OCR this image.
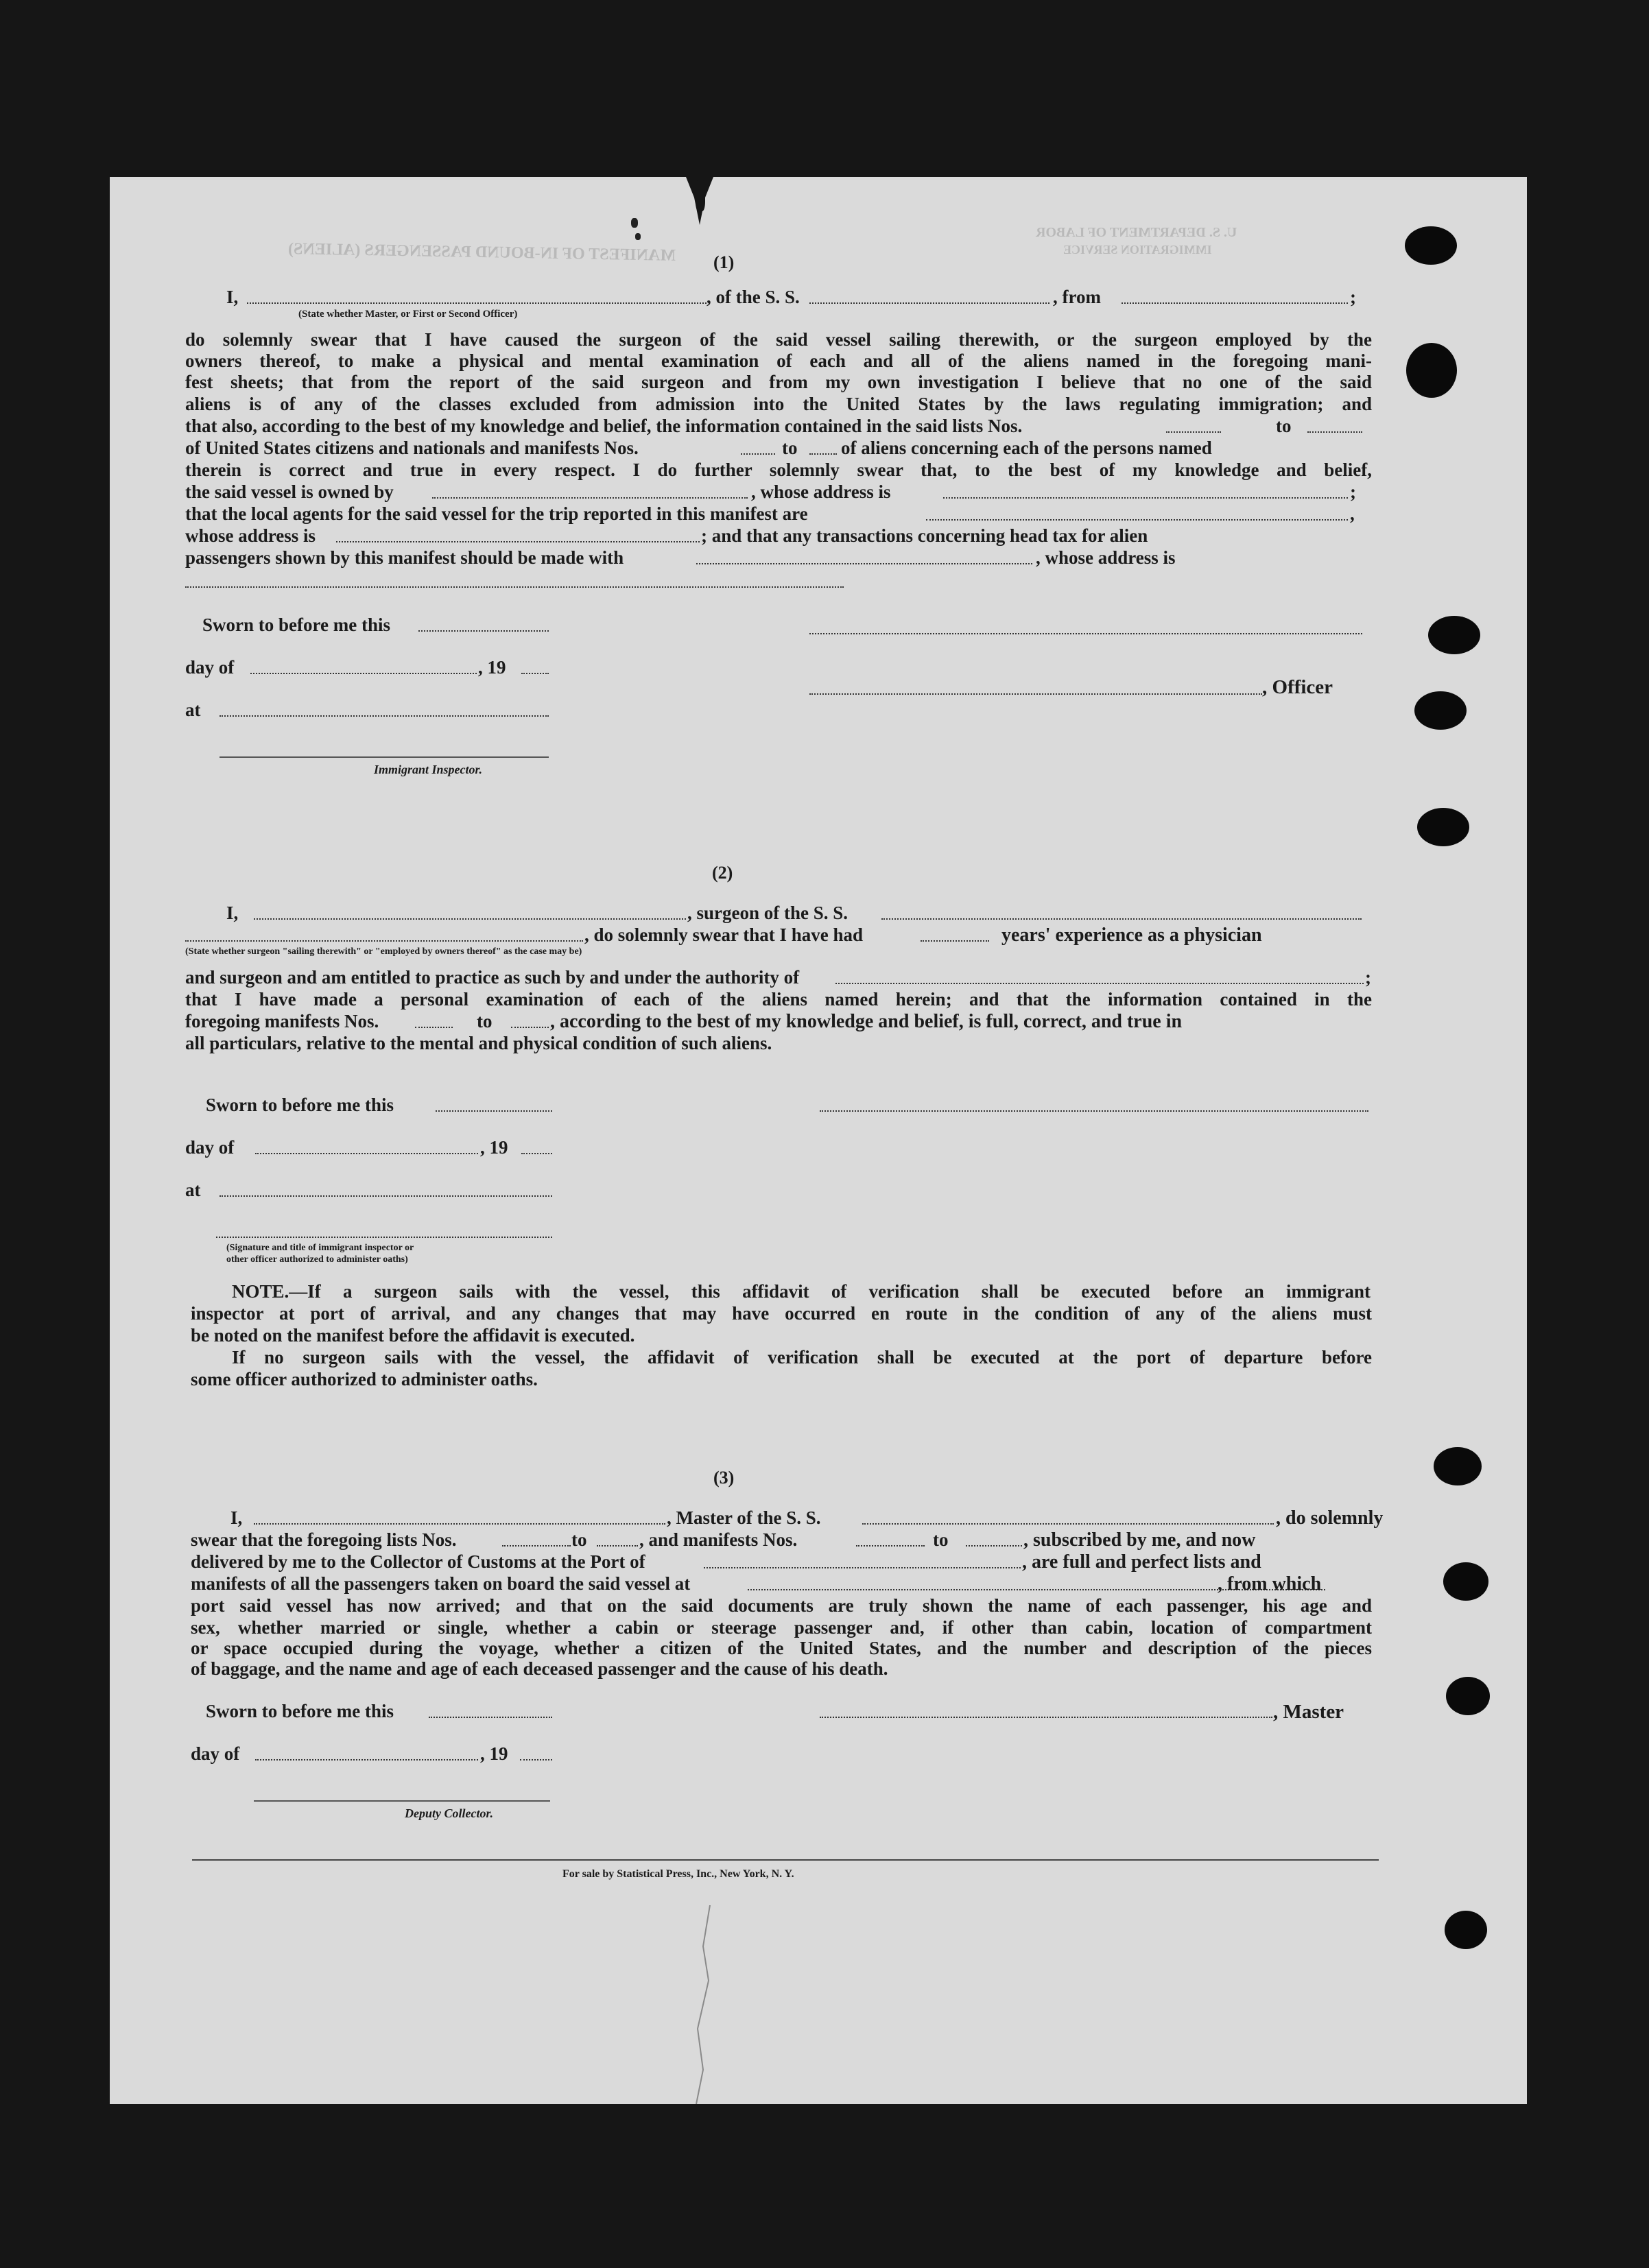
MANIFEST OF IN-BOUND PASSENGERS (ALIENS)
U. S. DEPARTMENT OF LABOR
IMMIGRATION SERVICE
(1)
I,
(State whether Master, or First or Second Officer)
, of the S. S.	, from	;
do solemnly swear that I have caused the surgeon of the said vessel sailing therewith, or the surgeon employed by the
owners thereof, to make a physical and mental examination of each and all of the aliens named in the foregoing mani-
fest sheets; that from the report of the said surgeon and from my own investigation I believe that no one of the said
aliens is of any of the classes excluded from admission into the United States by the laws regulating immigration; and
that also, according to the best of my knowledge and belief, the information contained in the said lists Nos.	to
of United States citizens and nationals and manifests Nos.	to of aliens concerning each of the persons named
therein is correct and true in every respect. I do further solemnly swear that, to the best of my knowledge and belief,
the said vessel is owned by	, whose address is	;
that the local agents for the said vessel for the trip reported in this manifest are	,
whose address is	; and that any transactions concerning head tax for alien
passengers shown by this manifest should be made with	, whose address is
Sworn to before me this
day of	, 19
at
Immigrant Inspector.
, Officer
(2)
I,	, surgeon of the S. S.
(State whether surgeon "sailing therewith" or "employed by owners thereof" as the case may be)
, do solemnly swear that I have had	years' experience as a physician
and surgeon and am entitled to practice as such by and under the authority of	;
that I have made a personal examination of each of the aliens named herein; and that the information contained in the
foregoing manifests Nos.	to	, according to the best of my knowledge and belief, is full, correct, and true in
all particulars, relative to the mental and physical condition of such aliens.
Sworn to before me this
day of	, 19
at
(Signature and title of immigrant inspector or
other officer authorized to administer oaths)
NOTE.—If a surgeon sails with the vessel, this affidavit of verification shall be executed before an immigrant
inspector at port of arrival, and any changes that may have occurred en route in the condition of any of the aliens must
be noted on the manifest before the affidavit is executed.
If no surgeon sails with the vessel, the affidavit of verification shall be executed at the port of departure before
some officer authorized to administer oaths.
(3)
I,	, Master of the S. S.	, do solemnly
swear that the foregoing lists Nos.	to	, and manifests Nos.	to	, subscribed by me, and now
delivered by me to the Collector of Customs at the Port of	, are full and perfect lists and
manifests of all the passengers taken on board the said vessel at	, from which
port said vessel has now arrived; and that on the said documents are truly shown the name of each passenger, his age and
sex, whether married or single, whether a cabin or steerage passenger and, if other than cabin, location of compartment
or space occupied during the voyage, whether a citizen of the United States, and the number and description of the pieces
of baggage, and the name and age of each deceased passenger and the cause of his death.
Sworn to before me this
day of	, 19
Deputy Collector.
, Master
For sale by Statistical Press, Inc., New York, N. Y.
685
